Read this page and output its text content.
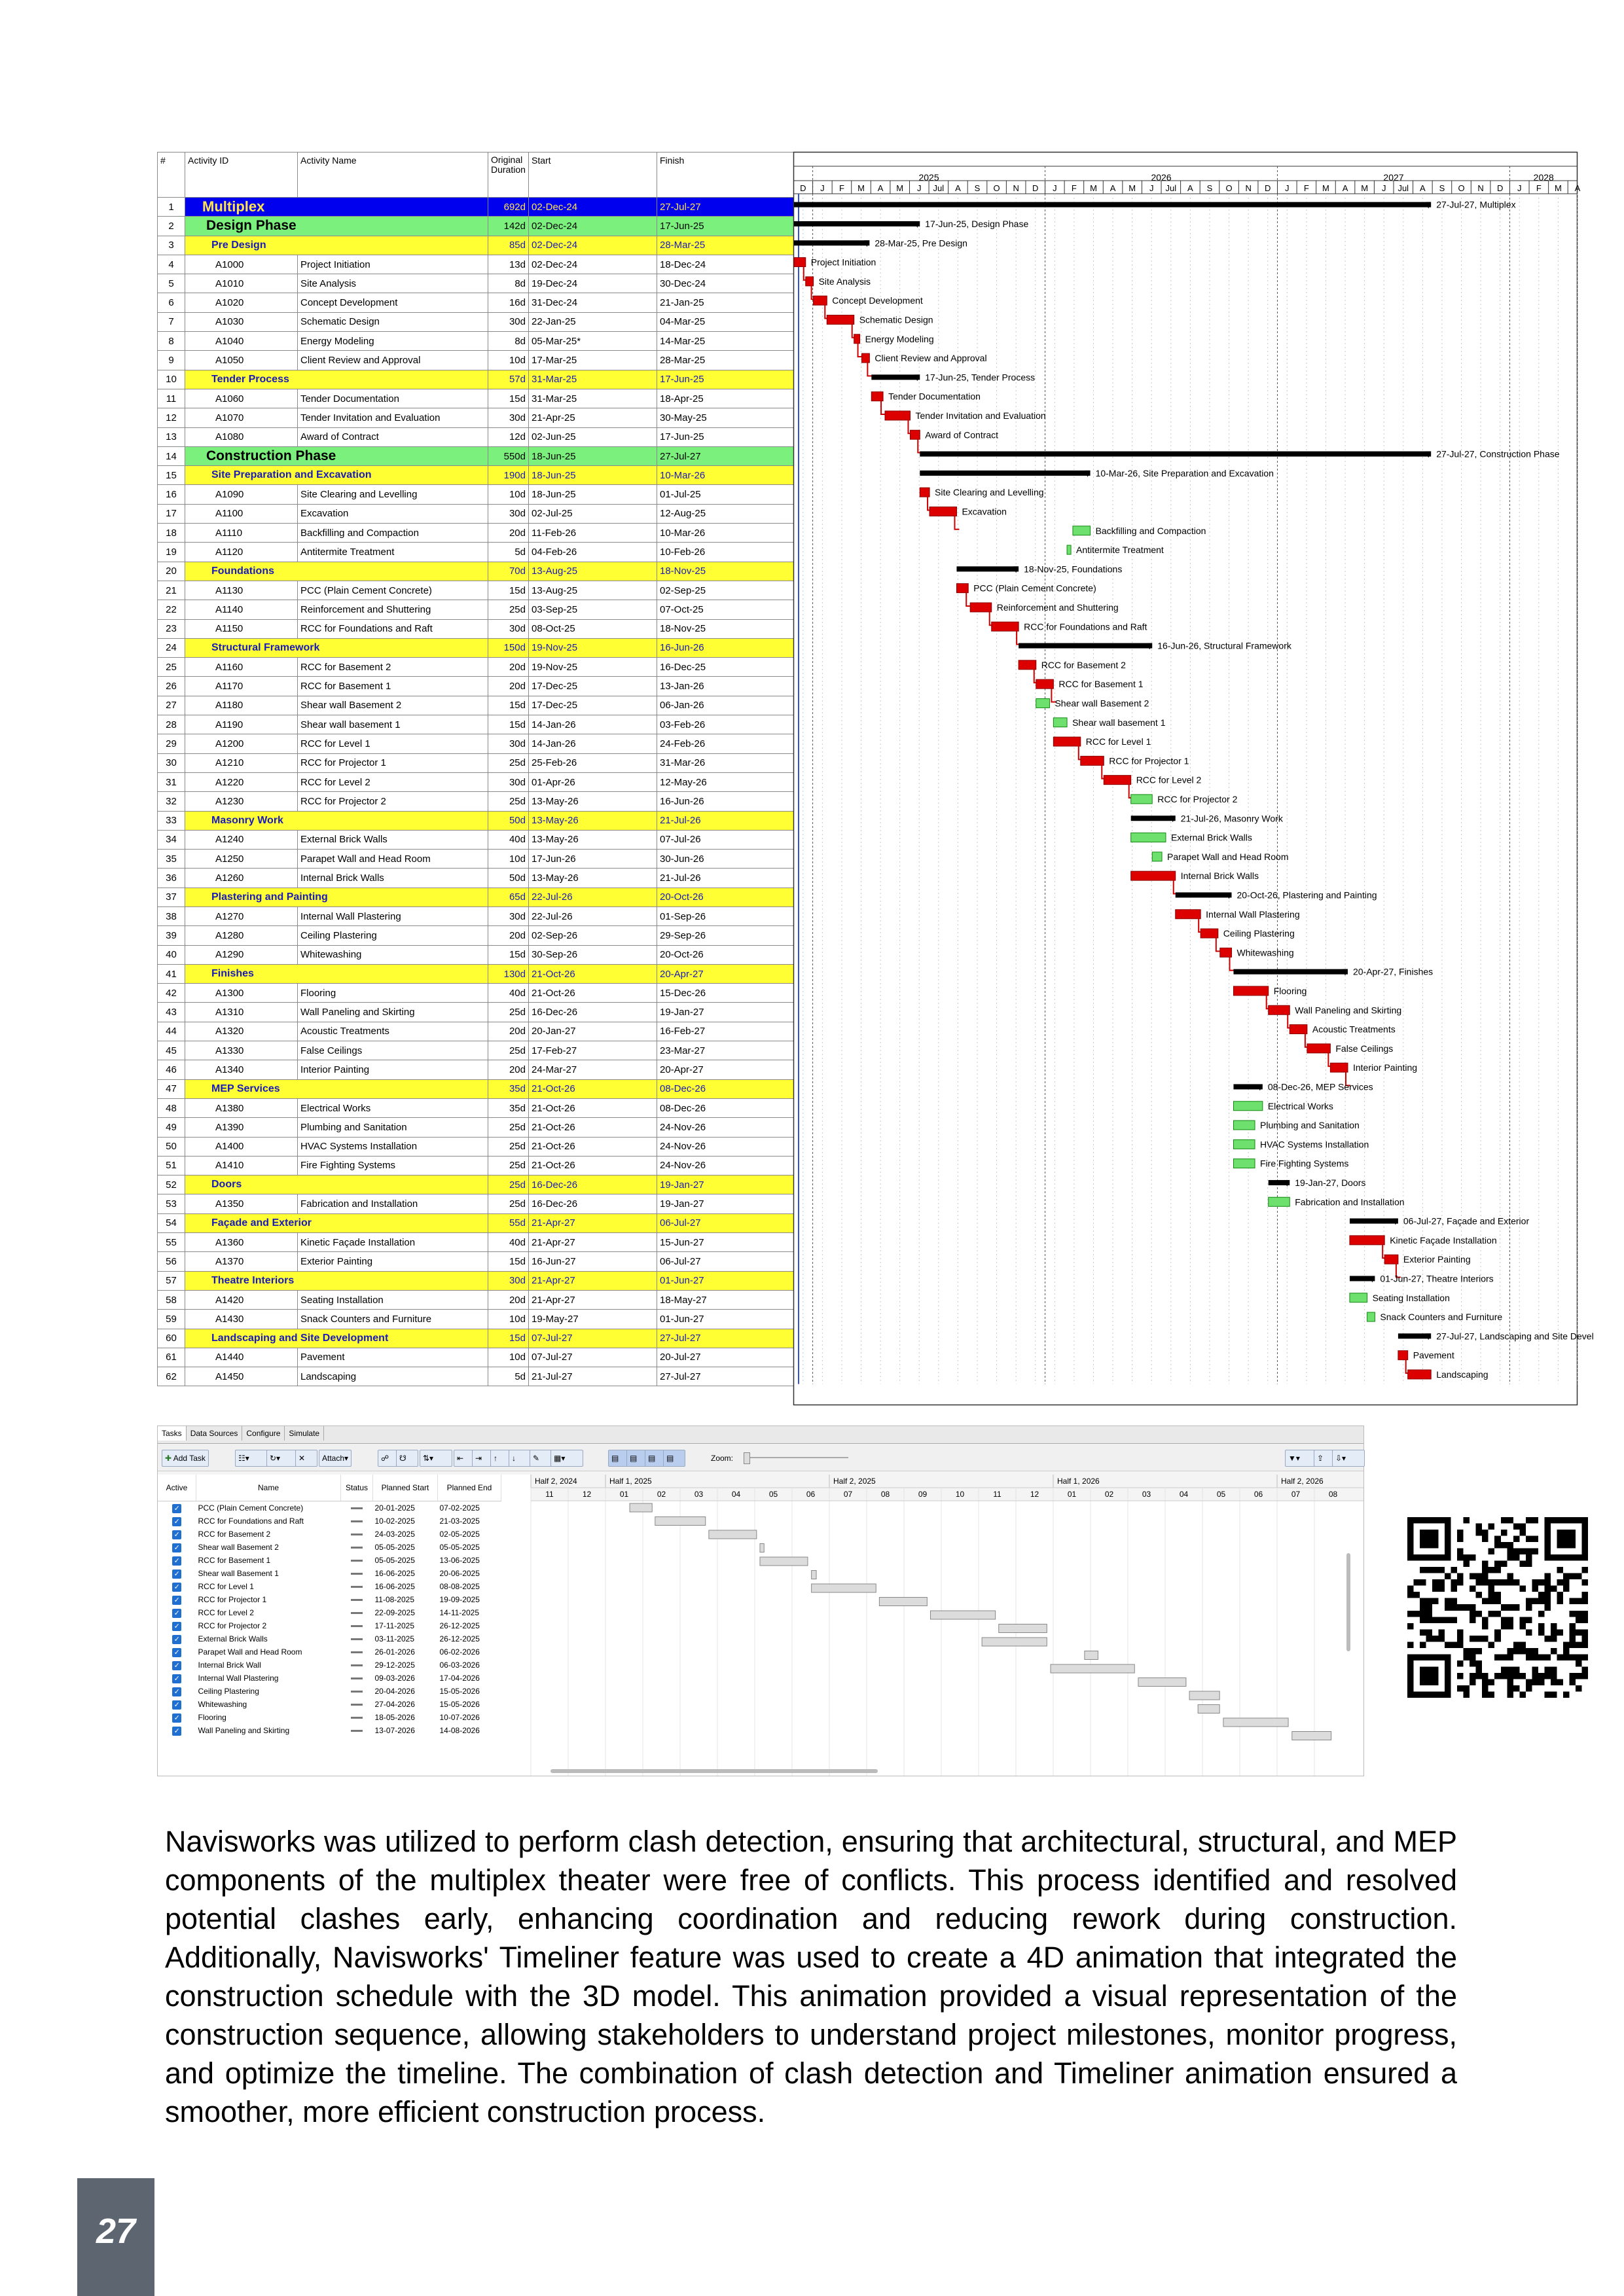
#	Activity ID	Activity Name	Original Duration	Start	Finish
1	Multiplex		692d	02-Dec-24	27-Jul-27
2	Design Phase		142d	02-Dec-24	17-Jun-25
3	Pre Design		85d	02-Dec-24	28-Mar-25
4	A1000	Project Initiation	13d	02-Dec-24	18-Dec-24
5	A1010	Site Analysis	8d	19-Dec-24	30-Dec-24
6	A1020	Concept Development	16d	31-Dec-24	21-Jan-25
7	A1030	Schematic Design	30d	22-Jan-25	04-Mar-25
8	A1040	Energy Modeling	8d	05-Mar-25*	14-Mar-25
9	A1050	Client Review and Approval	10d	17-Mar-25	28-Mar-25
10	Tender Process		57d	31-Mar-25	17-Jun-25
11	A1060	Tender Documentation	15d	31-Mar-25	18-Apr-25
12	A1070	Tender Invitation and Evaluation	30d	21-Apr-25	30-May-25
13	A1080	Award of Contract	12d	02-Jun-25	17-Jun-25
14	Construction Phase		550d	18-Jun-25	27-Jul-27
15	Site Preparation and Excavation		190d	18-Jun-25	10-Mar-26
16	A1090	Site Clearing and Levelling	10d	18-Jun-25	01-Jul-25
17	A1100	Excavation	30d	02-Jul-25	12-Aug-25
18	A1110	Backfilling and Compaction	20d	11-Feb-26	10-Mar-26
19	A1120	Antitermite Treatment	5d	04-Feb-26	10-Feb-26
20	Foundations		70d	13-Aug-25	18-Nov-25
21	A1130	PCC (Plain Cement Concrete)	15d	13-Aug-25	02-Sep-25
22	A1140	Reinforcement and Shuttering	25d	03-Sep-25	07-Oct-25
23	A1150	RCC for Foundations and Raft	30d	08-Oct-25	18-Nov-25
24	Structural Framework		150d	19-Nov-25	16-Jun-26
25	A1160	RCC for Basement 2	20d	19-Nov-25	16-Dec-25
26	A1170	RCC for Basement 1	20d	17-Dec-25	13-Jan-26
27	A1180	Shear wall Basement 2	15d	17-Dec-25	06-Jan-26
28	A1190	Shear wall basement 1	15d	14-Jan-26	03-Feb-26
29	A1200	RCC for Level 1	30d	14-Jan-26	24-Feb-26
30	A1210	RCC for Projector 1	25d	25-Feb-26	31-Mar-26
31	A1220	RCC for Level 2	30d	01-Apr-26	12-May-26
32	A1230	RCC for Projector 2	25d	13-May-26	16-Jun-26
33	Masonry Work		50d	13-May-26	21-Jul-26
34	A1240	External Brick Walls	40d	13-May-26	07-Jul-26
35	A1250	Parapet Wall and Head Room	10d	17-Jun-26	30-Jun-26
36	A1260	Internal Brick Walls	50d	13-May-26	21-Jul-26
37	Plastering and Painting		65d	22-Jul-26	20-Oct-26
38	A1270	Internal Wall Plastering	30d	22-Jul-26	01-Sep-26
39	A1280	Ceiling Plastering	20d	02-Sep-26	29-Sep-26
40	A1290	Whitewashing	15d	30-Sep-26	20-Oct-26
41	Finishes		130d	21-Oct-26	20-Apr-27
42	A1300	Flooring	40d	21-Oct-26	15-Dec-26
43	A1310	Wall Paneling and Skirting	25d	16-Dec-26	19-Jan-27
44	A1320	Acoustic Treatments	20d	20-Jan-27	16-Feb-27
45	A1330	False Ceilings	25d	17-Feb-27	23-Mar-27
46	A1340	Interior Painting	20d	24-Mar-27	20-Apr-27
47	MEP Services		35d	21-Oct-26	08-Dec-26
48	A1380	Electrical Works	35d	21-Oct-26	08-Dec-26
49	A1390	Plumbing and Sanitation	25d	21-Oct-26	24-Nov-26
50	A1400	HVAC Systems Installation	25d	21-Oct-26	24-Nov-26
51	A1410	Fire Fighting Systems	25d	21-Oct-26	24-Nov-26
52	Doors		25d	16-Dec-26	19-Jan-27
53	A1350	Fabrication and Installation	25d	16-Dec-26	19-Jan-27
54	Façade and Exterior		55d	21-Apr-27	06-Jul-27
55	A1360	Kinetic Façade Installation	40d	21-Apr-27	15-Jun-27
56	A1370	Exterior Painting	15d	16-Jun-27	06-Jul-27
57	Theatre Interiors		30d	21-Apr-27	01-Jun-27
58	A1420	Seating Installation	20d	21-Apr-27	18-May-27
59	A1430	Snack Counters and Furniture	10d	19-May-27	01-Jun-27
60	Landscaping and Site Development		15d	07-Jul-27	27-Jul-27
61	A1440	Pavement	10d	07-Jul-27	20-Jul-27
62	A1450	Landscaping	5d	21-Jul-27	27-Jul-27
2025	2026	2027	2028
D J F M A M J Jul A S O N D J F M A M J Jul A S O N D J F M A M J Jul A S O N D J F M A
27-Jul-27, Multiplex
17-Jun-25, Design Phase
28-Mar-25, Pre Design
Project Initiation
Site Analysis
Concept Development
Schematic Design
Energy Modeling
Client Review and Approval
17-Jun-25, Tender Process
Tender Documentation
Tender Invitation and Evaluation
Award of Contract
27-Jul-27, Construction Phase
10-Mar-26, Site Preparation and Excavation
Site Clearing and Levelling
Excavation
Backfilling and Compaction
Antitermite Treatment
18-Nov-25, Foundations
PCC (Plain Cement Concrete)
Reinforcement and Shuttering
RCC for Foundations and Raft
16-Jun-26, Structural Framework
RCC for Basement 2
RCC for Basement 1
Shear wall Basement 2
Shear wall basement 1
RCC for Level 1
RCC for Projector 1
RCC for Level 2
RCC for Projector 2
21-Jul-26, Masonry Work
External Brick Walls
Parapet Wall and Head Room
Internal Brick Walls
20-Oct-26, Plastering and Painting
Internal Wall Plastering
Ceiling Plastering
Whitewashing
20-Apr-27, Finishes
Flooring
Wall Paneling and Skirting
Acoustic Treatments
False Ceilings
Interior Painting
08-Dec-26, MEP Services
Electrical Works
Plumbing and Sanitation
HVAC Systems Installation
Fire Fighting Systems
19-Jan-27, Doors
Fabrication and Installation
06-Jul-27, Façade and Exterior
Kinetic Façade Installation
Exterior Painting
01-Jun-27, Theatre Interiors
Seating Installation
Snack Counters and Furniture
27-Jul-27, Landscaping and Site Devel
Pavement
Landscaping
Tasks Data Sources Configure Simulate
✚ Add Task	☷▾	↻▾	✕	Attach▾	☍	☋	⇅▾	⇤	⇥	↑	↓	✎	▦▾	▤	▤	▤	▤	Zoom:	▼▾	⇪	⇩▾
Active	Name	Status	Planned Start	Planned End
✓	PCC (Plain Cement Concrete)		20-01-2025	07-02-2025
✓	RCC for Foundations and Raft		10-02-2025	21-03-2025
✓	RCC for Basement 2		24-03-2025	02-05-2025
✓	Shear wall Basement 2		05-05-2025	05-05-2025
✓	RCC for Basement 1		05-05-2025	13-06-2025
✓	Shear wall Basement 1		16-06-2025	20-06-2025
✓	RCC for Level 1		16-06-2025	08-08-2025
✓	RCC for Projector 1		11-08-2025	19-09-2025
✓	RCC for Level 2		22-09-2025	14-11-2025
✓	RCC for Projector 2		17-11-2025	26-12-2025
✓	External Brick Walls		03-11-2025	26-12-2025
✓	Parapet Wall and Head Room		26-01-2026	06-02-2026
✓	Internal Brick Wall		29-12-2025	06-03-2026
✓	Internal Wall Plastering		09-03-2026	17-04-2026
✓	Ceiling Plastering		20-04-2026	15-05-2026
✓	Whitewashing		27-04-2026	15-05-2026
✓	Flooring		18-05-2026	10-07-2026
✓	Wall Paneling and Skirting		13-07-2026	14-08-2026
Half 2, 2024	Half 1, 2025	Half 2, 2025	Half 1, 2026	Half 2, 2026
11	12	01	02	03	04	05	06	07	08	09	10	11	12	01	02	03	04	05	06	07	08
Navisworks was utilized to perform clash detection, ensuring that architectural, structural, and MEP components of the multiplex theater were free of conflicts. This process identified and resolved potential clashes early, enhancing coordination and reducing rework during construction. Additionally, Navisworks' Timeliner feature was used to create a 4D animation that integrated the construction schedule with the 3D model. This animation provided a visual representation of the construction sequence, allowing stakeholders to understand project milestones, monitor progress, and optimize the timeline. The combination of clash detection and Timeliner animation ensured a smoother, more efficient construction process.
27
